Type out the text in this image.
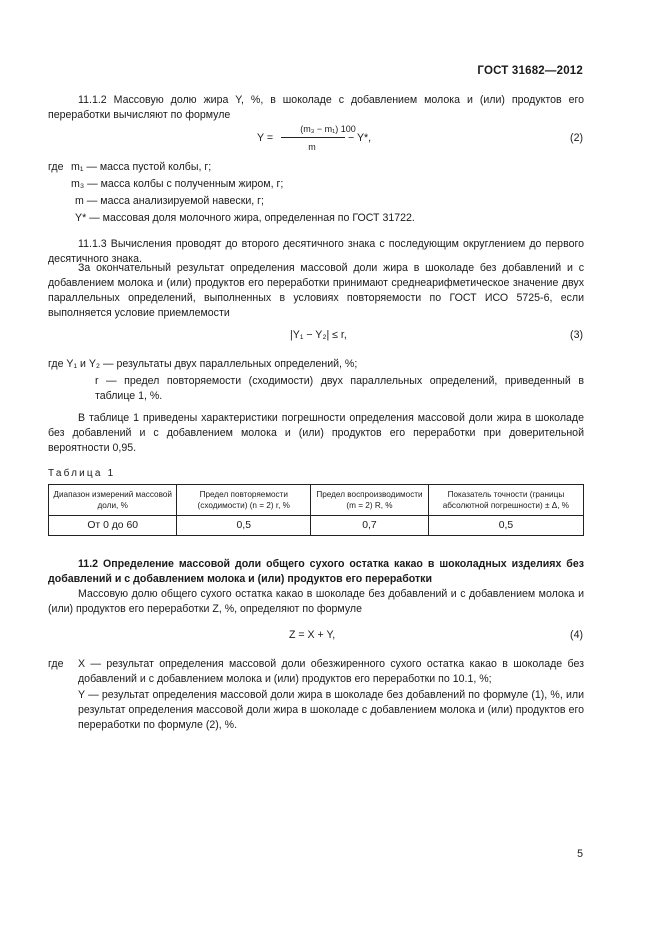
ГОСТ 31682—2012
11.1.2 Массовую долю жира Y, %, в шоколаде с добавлением молока и (или) продуктов его переработки вычисляют по формуле
Y =
(m₃ − m₁) 100
m
− Y*,	(2)
где m₁ — масса пустой колбы, г;
m₃ — масса колбы с полученным жиром, г;
m — масса анализируемой навески, г;
Y* — массовая доля молочного жира, определенная по ГОСТ 31722.
11.1.3 Вычисления проводят до второго десятичного знака с последующим округлением до первого десятичного знака.
За окончательный результат определения массовой доли жира в шоколаде без добавлений и с добавлением молока и (или) продуктов его переработки принимают среднеарифметическое значение двух параллельных определений, выполненных в условиях повторяемости по ГОСТ ИСО 5725-6, если выполняется условие приемлемости
|Y₁ − Y₂| ≤ r,	(3)
где Y₁ и Y₂ — результаты двух параллельных определений, %;
r — предел повторяемости (сходимости) двух параллельных определений, приведенный в таблице 1, %.
В таблице 1 приведены характеристики погрешности определения массовой доли жира в шоколаде без добавлений и с добавлением молока и (или) продуктов его переработки при доверительной вероятности 0,95.
Таблица 1
Диапазон измерений массовой доли, %	Предел повторяемости (сходимости) (n = 2) r, %	Предел воспроизводимости (m = 2) R, %	Показатель точности (границы абсолютной погрешности) ± Δ, %
От 0 до 60	0,5	0,7	0,5
11.2 Определение массовой доли общего сухого остатка какао в шоколадных изделиях без добавлений и с добавлением молока и (или) продуктов его переработки
Массовую долю общего сухого остатка какао в шоколаде без добавлений и с добавлением молока и (или) продуктов его переработки Z, %, определяют по формуле
Z = X + Y,	(4)
где X — результат определения массовой доли обезжиренного сухого остатка какао в шоколаде без добавлений и с добавлением молока и (или) продуктов его переработки по 10.1, %;
Y — результат определения массовой доли жира в шоколаде без добавлений по формуле (1), %, или результат определения массовой доли жира в шоколаде с добавлением молока и (или) продуктов его переработки по формуле (2), %.
5
